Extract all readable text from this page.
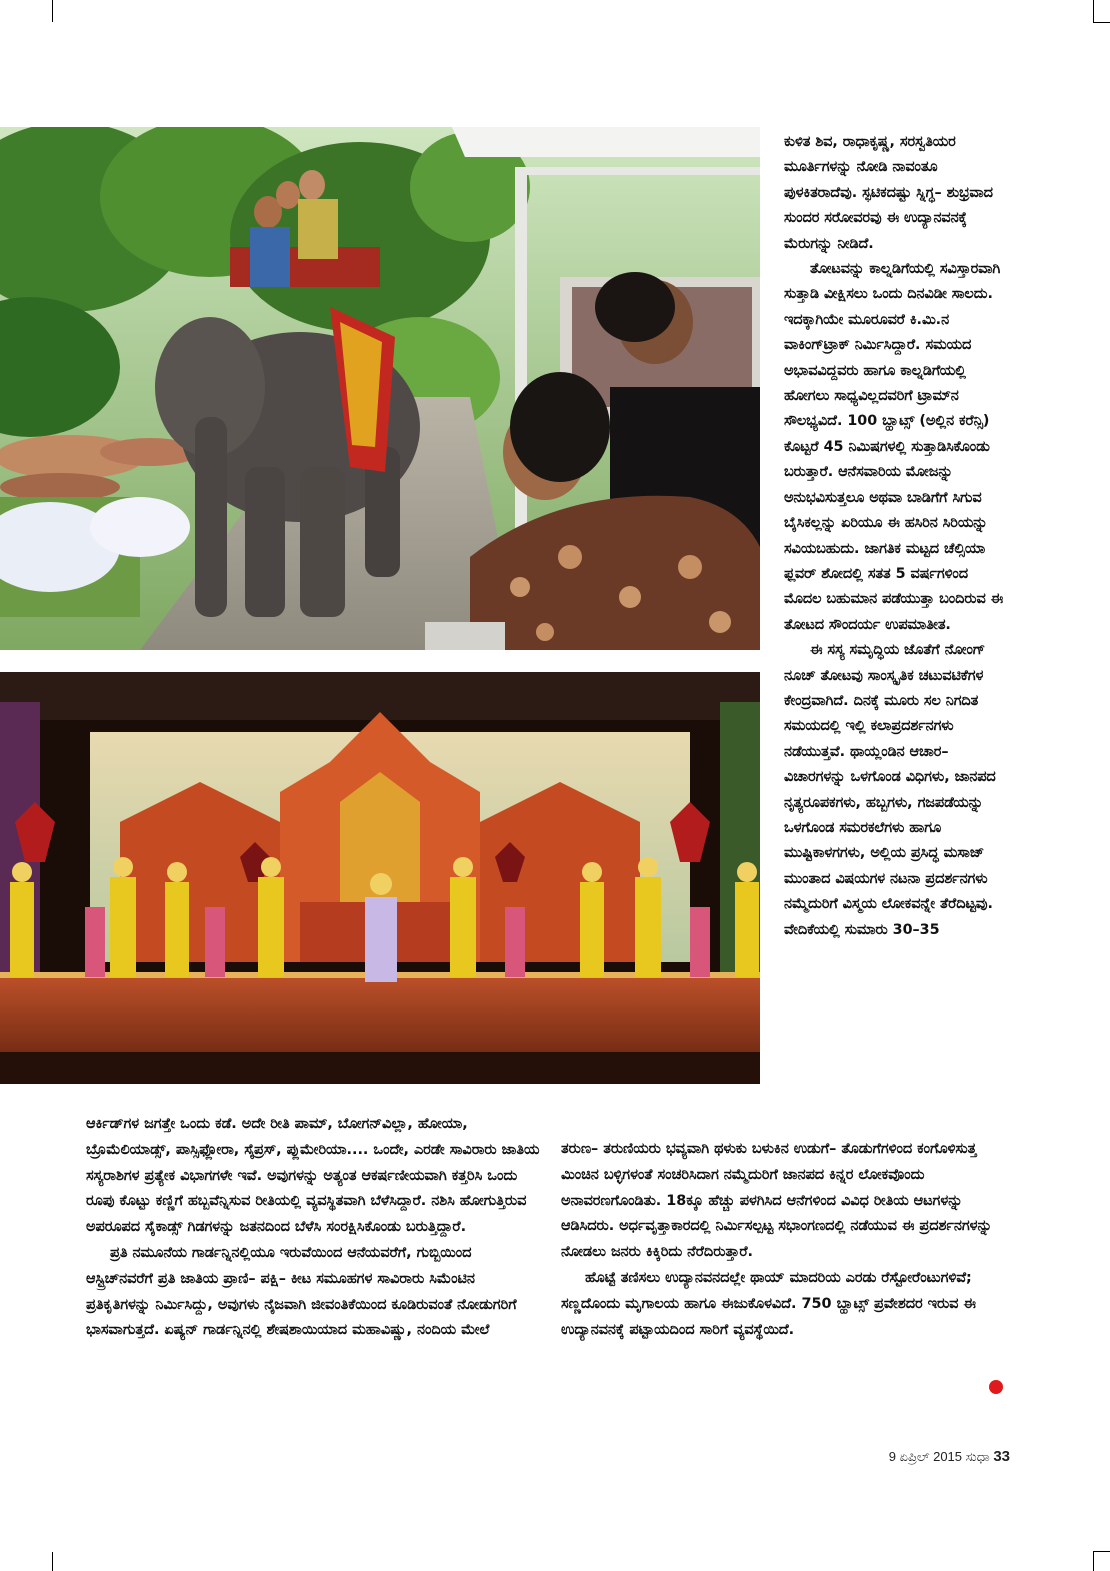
ಕುಳಿತ ಶಿವ, ರಾಧಾಕೃಷ್ಣ, ಸರಸ್ವತಿಯರ ಮೂರ್ತಿಗಳನ್ನು ನೋಡಿ ನಾವಂತೂ ಪುಳಕಿತರಾದೆವು. ಸ್ಫಟಿಕದಷ್ಟು ಸ್ನಿಗ್ಧ– ಶುಭ್ರವಾದ ಸುಂದರ ಸರೋವರವು ಈ ಉದ್ಯಾನವನಕ್ಕೆ ಮೆರುಗನ್ನು ನೀಡಿದೆ.

ತೋಟವನ್ನು ಕಾಲ್ನಡಿಗೆಯಲ್ಲಿ ಸವಿಸ್ತಾರವಾಗಿ ಸುತ್ತಾಡಿ ವೀಕ್ಷಿಸಲು ಒಂದು ದಿನವಿಡೀ ಸಾಲದು. ಇದಕ್ಕಾಗಿಯೇ ಮೂರೂವರೆ ಕಿ.ಮಿ.ನ ವಾಕಿಂಗ್‌ಟ್ರಾಕ್ ನಿರ್ಮಿಸಿದ್ದಾರೆ. ಸಮಯದ ಅಭಾವವಿದ್ದವರು ಹಾಗೂ ಕಾಲ್ನಡಿಗೆಯಲ್ಲಿ ಹೋಗಲು ಸಾಧ್ಯವಿಲ್ಲದವರಿಗೆ ಟ್ರಾಮ್‌ನ ಸೌಲಭ್ಯವಿದೆ. 100 ಬ್ಹಾಟ್ಸ್ (ಅಲ್ಲಿನ ಕರೆನ್ಸಿ) ಕೊಟ್ಟರೆ 45 ನಿಮಿಷಗಳಲ್ಲಿ ಸುತ್ತಾಡಿಸಿಕೊಂಡು ಬರುತ್ತಾರೆ. ಆನೆಸವಾರಿಯ ಮೋಜನ್ನು ಅನುಭವಿಸುತ್ತಲೂ ಅಥವಾ ಬಾಡಿಗೆಗೆ ಸಿಗುವ ಬೈಸಿಕಲ್ಲನ್ನು ಏರಿಯೂ ಈ ಹಸಿರಿನ ಸಿರಿಯನ್ನು ಸವಿಯಬಹುದು. ಜಾಗತಿಕ ಮಟ್ಟದ ಚೆಲ್ಸಿಯಾ ಫ್ಲವರ್ ಶೋದಲ್ಲಿ ಸತತ 5 ವರ್ಷಗಳಿಂದ ಮೊದಲ ಬಹುಮಾನ ಪಡೆಯುತ್ತಾ ಬಂದಿರುವ ಈ ತೋಟದ ಸೌಂದರ್ಯ ಉಪಮಾತೀತ.

ಈ ಸಸ್ಯ ಸಮೃದ್ಧಿಯ ಜೊತೆಗೆ ನೋಂಗ್ ನೂಚ್ ತೋಟವು ಸಾಂಸ್ಕೃತಿಕ ಚಟುವಟಿಕೆಗಳ ಕೇಂದ್ರವಾಗಿದೆ. ದಿನಕ್ಕೆ ಮೂರು ಸಲ ನಿಗದಿತ ಸಮಯದಲ್ಲಿ ಇಲ್ಲಿ ಕಲಾಪ್ರದರ್ಶನಗಳು ನಡೆಯುತ್ತವೆ. ಥಾಯ್ಲಂಡಿನ ಆಚಾರ– ವಿಚಾರಗಳನ್ನು ಒಳಗೊಂಡ ವಿಧಿಗಳು, ಜಾನಪದ ನೃತ್ಯರೂಪಕಗಳು, ಹಬ್ಬಗಳು, ಗಜಪಡೆಯನ್ನು ಒಳಗೊಂಡ ಸಮರಕಲೆಗಳು ಹಾಗೂ ಮುಷ್ಟಿಕಾಳಗಗಳು, ಅಲ್ಲಿಯ ಪ್ರಸಿದ್ಧ ಮಸಾಜ್ ಮುಂತಾದ ವಿಷಯಗಳ ನಟನಾ ಪ್ರದರ್ಶನಗಳು ನಮ್ಮೆದುರಿಗೆ ವಿಸ್ಮಯ ಲೋಕವನ್ನೇ ತೆರೆದಿಟ್ಟವು. ವೇದಿಕೆಯಲ್ಲಿ ಸುಮಾರು 30–35

ಆರ್ಕಿಡ್‌ಗಳ ಜಗತ್ತೇ ಒಂದು ಕಡೆ. ಅದೇ ರೀತಿ ಪಾಮ್, ಬೋಗನ್‌ವಿಲ್ಲಾ, ಹೋಯಾ, ಬ್ರೊಮೆಲಿಯಾಡ್ಸ್, ಪಾಸ್ಸಿಫ್ಲೋರಾ, ಸೈಪ್ರಸ್, ಪ್ಲುಮೇರಿಯಾ.... ಒಂದೇ, ಎರಡೇ ಸಾವಿರಾರು ಜಾತಿಯ ಸಸ್ಯರಾಶಿಗಳ ಪ್ರತ್ಯೇಕ ವಿಭಾಗಗಳೇ ಇವೆ. ಅವುಗಳನ್ನು ಅತ್ಯಂತ ಆಕರ್ಷಣೀಯವಾಗಿ ಕತ್ತರಿಸಿ ಒಂದು ರೂಪು ಕೊಟ್ಟು ಕಣ್ಣಿಗೆ ಹಬ್ಬವೆನ್ನಿಸುವ ರೀತಿಯಲ್ಲಿ ವ್ಯವಸ್ಥಿತವಾಗಿ ಬೆಳೆಸಿದ್ದಾರೆ. ನಶಿಸಿ ಹೋಗುತ್ತಿರುವ ಅಪರೂಪದ ಸೈಕಾಡ್ಸ್ ಗಿಡಗಳನ್ನು ಜತನದಿಂದ ಬೆಳೆಸಿ ಸಂರಕ್ಷಿಸಿಕೊಂಡು ಬರುತ್ತಿದ್ದಾರೆ.

ಪ್ರತಿ ನಮೂನೆಯ ಗಾರ್ಡನ್ನಿನಲ್ಲಿಯೂ ಇರುವೆಯಿಂದ ಆನೆಯವರೆಗೆ, ಗುಬ್ಬಿಯಿಂದ ಆಸ್ಟ್ರಿಚ್‌ನವರೆಗೆ ಪ್ರತಿ ಜಾತಿಯ ಪ್ರಾಣಿ– ಪಕ್ಷಿ– ಕೀಟ ಸಮೂಹಗಳ ಸಾವಿರಾರು ಸಿಮೆಂಟಿನ ಪ್ರತಿಕೃತಿಗಳನ್ನು ನಿರ್ಮಿಸಿದ್ದು, ಅವುಗಳು ನೈಜವಾಗಿ ಜೀವಂತಿಕೆಯಿಂದ ಕೂಡಿರುವಂತೆ ನೋಡುಗರಿಗೆ ಭಾಸವಾಗುತ್ತದೆ. ಏಷ್ಯನ್ ಗಾರ್ಡನ್ನಿನಲ್ಲಿ ಶೇಷಶಾಯಿಯಾದ ಮಹಾವಿಷ್ಣು, ನಂದಿಯ ಮೇಲೆ

ತರುಣ– ತರುಣಿಯರು ಭವ್ಯವಾಗಿ ಥಳುಕು ಬಳುಕಿನ ಉಡುಗೆ– ತೊಡುಗೆಗಳಿಂದ ಕಂಗೊಳಿಸುತ್ತ ಮಿಂಚಿನ ಬಳ್ಳಿಗಳಂತೆ ಸಂಚರಿಸಿದಾಗ ನಮ್ಮೆದುರಿಗೆ ಜಾನಪದ ಕಿನ್ನರ ಲೋಕವೊಂದು ಅನಾವರಣಗೊಂಡಿತು. 18ಕ್ಕೂ ಹೆಚ್ಚು ಪಳಗಿಸಿದ ಆನೆಗಳಿಂದ ವಿವಿಧ ರೀತಿಯ ಆಟಗಳನ್ನು ಆಡಿಸಿದರು. ಅರ್ಧವೃತ್ತಾಕಾರದಲ್ಲಿ ನಿರ್ಮಿಸಲ್ಪಟ್ಟ ಸಭಾಂಗಣದಲ್ಲಿ ನಡೆಯುವ ಈ ಪ್ರದರ್ಶನಗಳನ್ನು ನೋಡಲು ಜನರು ಕಿಕ್ಕಿರಿದು ನೆರೆದಿರುತ್ತಾರೆ.

ಹೊಟ್ಟೆ ತಣಿಸಲು ಉದ್ಯಾನವನದಲ್ಲೇ ಥಾಯ್ ಮಾದರಿಯ ಎರಡು ರೆಸ್ಟೋರೆಂಟುಗಳಿವೆ; ಸಣ್ಣದೊಂದು ಮೃಗಾಲಯ ಹಾಗೂ ಈಜುಕೊಳವಿದೆ. 750 ಬ್ಹಾಟ್ಸ್ ಪ್ರವೇಶದರ ಇರುವ ಈ ಉದ್ಯಾನವನಕ್ಕೆ ಪಟ್ಟಾಯದಿಂದ ಸಾರಿಗೆ ವ್ಯವಸ್ಥೆಯಿದೆ.

9 ಏಪ್ರಿಲ್ 2015 ಸುಧಾ 33
